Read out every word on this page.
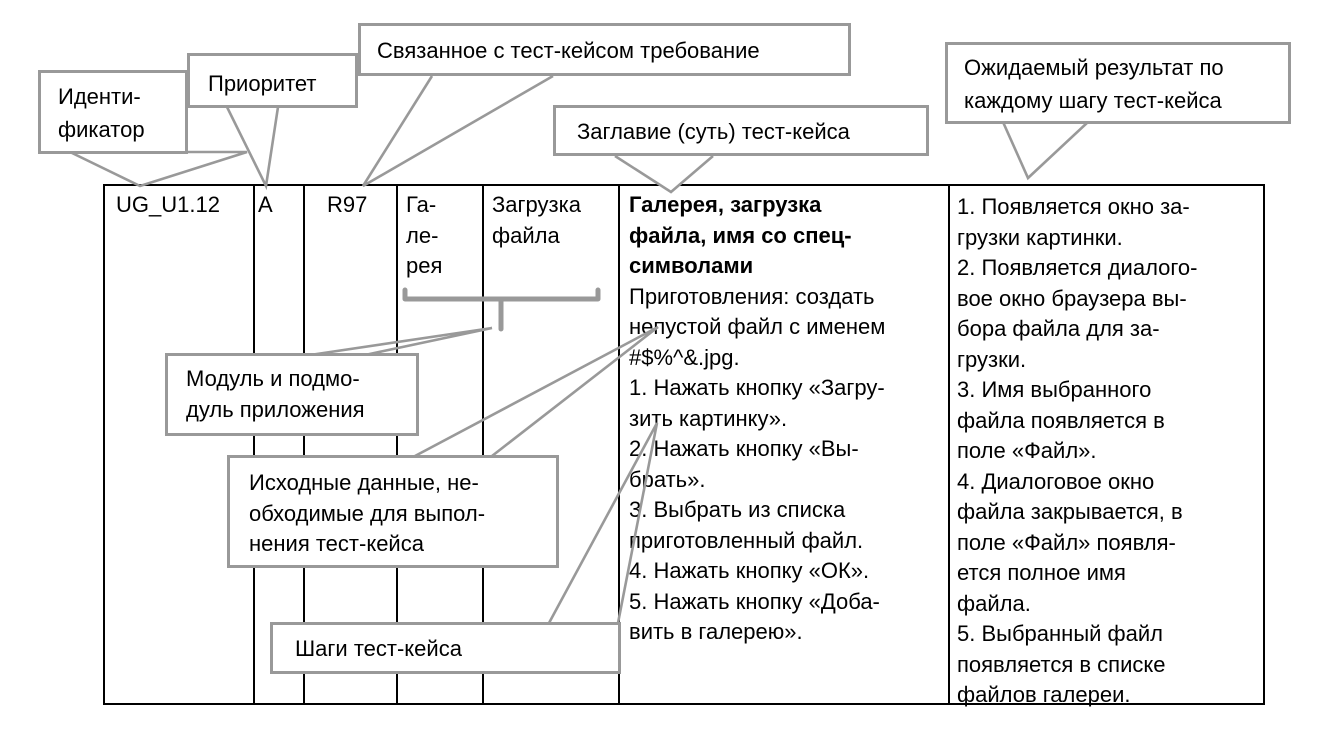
UG_U1.12 A R97 Га-
ле-
рея
Загрузка
файла
Галерея, загрузка
файла, имя со спец-
символами
Приготовления: создать
непустой файл с именем
#$%^&.jpg.
1. Нажать кнопку «Загру-
зить картинку».
2. Нажать кнопку «Вы-
брать».
3. Выбрать из списка
приготовленный файл.
4. Нажать кнопку «ОК».
5. Нажать кнопку «Доба-
вить в галерею».
1. Появляется окно за-
грузки картинки.
2. Появляется диалого-
вое окно браузера вы-
бора файла для за-
грузки.
3. Имя выбранного
файла появляется в
поле «Файл».
4. Диалоговое окно
файла закрывается, в
поле «Файл» появля-
ется полное имя
файла.
5. Выбранный файл
появляется в списке
файлов галереи.
Приоритет
Иденти-
фикатор
Связанное с тест-кейсом требование
Заглавие (суть) тест-кейса
Ожидаемый результат по
каждому шагу тест-кейса
Модуль и подмо-
дуль приложения
Исходные данные, не-
обходимые для выпол-
нения тест-кейса
Шаги тест-кейса
